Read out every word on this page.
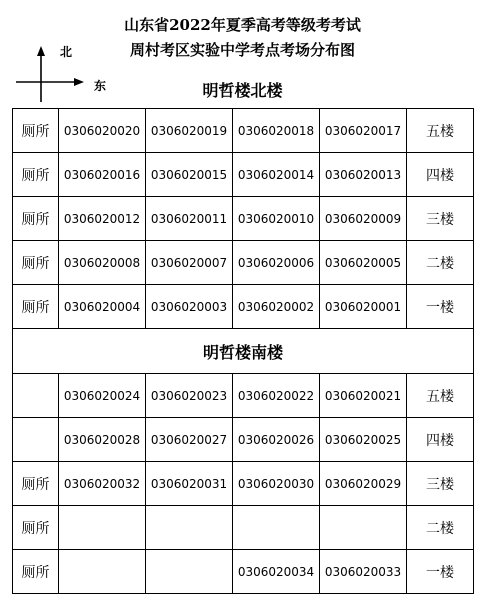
山东省2022年夏季高考等级考考试
周村考区实验中学考点考场分布图
北
东	明哲楼北楼
厕所	0306020020	0306020019	0306020018	0306020017	五楼
厕所	0306020016	0306020015	0306020014	0306020013	四楼
厕所	0306020012	0306020011	0306020010	0306020009	三楼
厕所	0306020008	0306020007	0306020006	0306020005	二楼
厕所	0306020004	0306020003	0306020002	0306020001	一楼
明哲楼南楼					
	0306020024	0306020023	0306020022	0306020021	五楼
	0306020028	0306020027	0306020026	0306020025	四楼
厕所	0306020032	0306020031	0306020030	0306020029	三楼
厕所					二楼
厕所			0306020034	0306020033	一楼
